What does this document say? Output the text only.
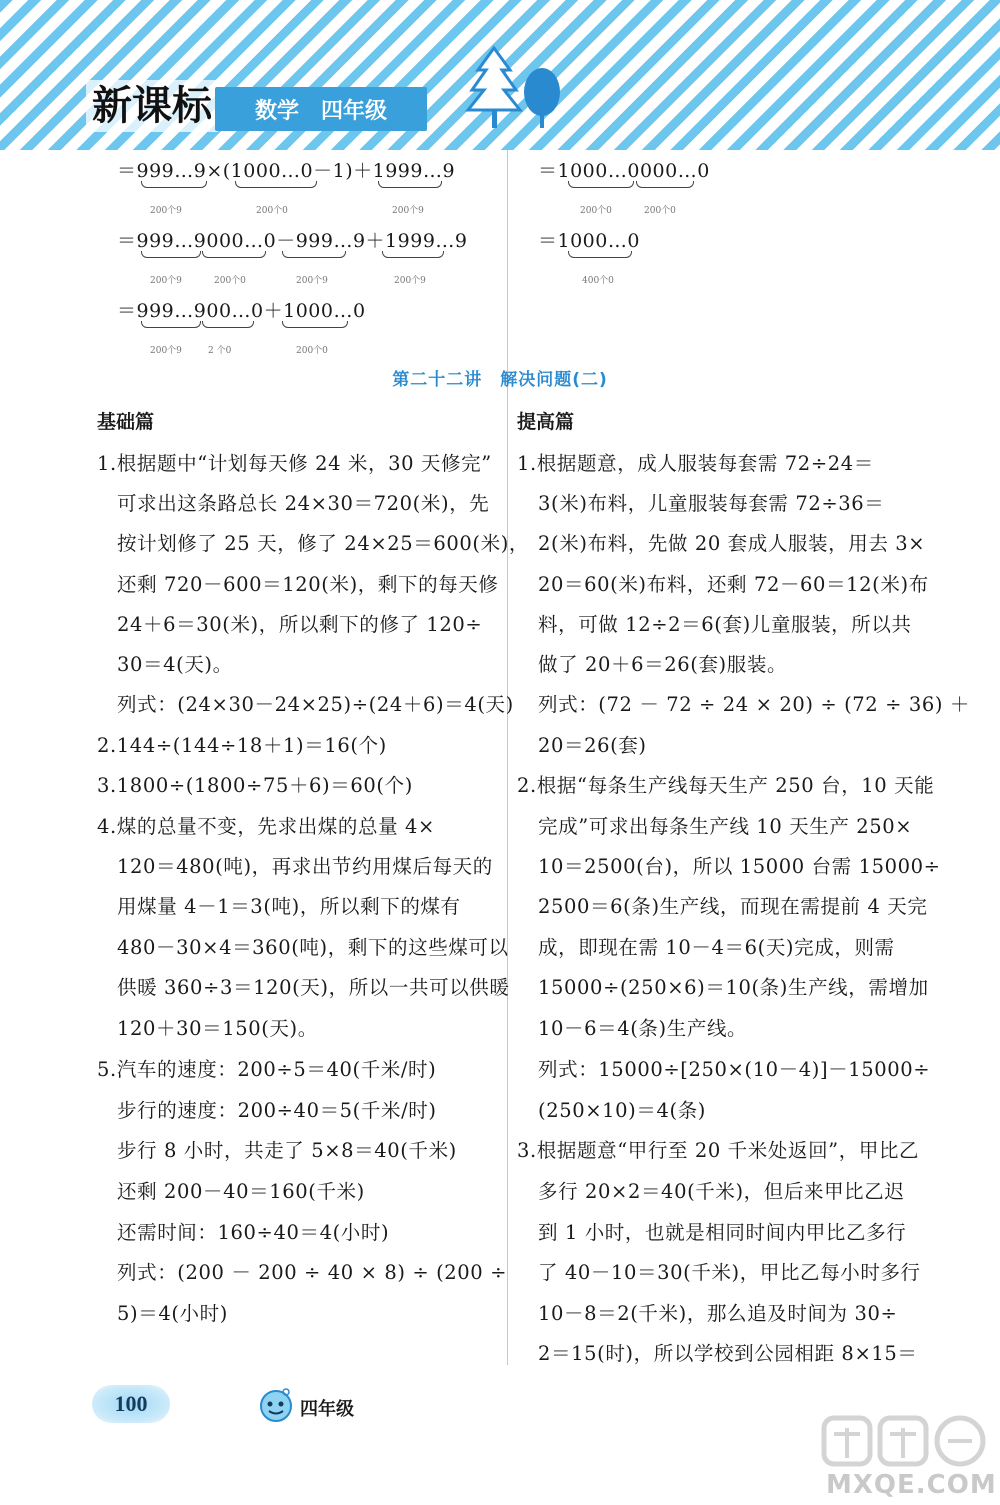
新课标 数学 四年级
＝999…9×(1000…0－1)＋1999…9
200个9	200个0	200个9
＝999…9000…0－999…9＋1999…9
200个9	200个0	200个9	200个9
＝999…900…0＋1000…0
200个9	2 个0	200个0
＝1000…0000…0
200个0	200个0
＝1000…0
400个0
第二十二讲　解决问题(二)
基础篇
1.根据题中“计划每天修 24 米，30 天修完”
可求出这条路总长 24×30＝720(米)，先
按计划修了 25 天，修了 24×25＝600(米)，
还剩 720－600＝120(米)，剩下的每天修
24＋6＝30(米)，所以剩下的修了 120÷
30＝4(天)。
列式：(24×30－24×25)÷(24＋6)＝4(天)
2.144÷(144÷18＋1)＝16(个)
3.1800÷(1800÷75＋6)＝60(个)
4.煤的总量不变，先求出煤的总量 4×
120＝480(吨)，再求出节约用煤后每天的
用煤量 4－1＝3(吨)，所以剩下的煤有
480－30×4＝360(吨)，剩下的这些煤可以
供暖 360÷3＝120(天)，所以一共可以供暖
120＋30＝150(天)。
5.汽车的速度：200÷5＝40(千米/时)
步行的速度：200÷40＝5(千米/时)
步行 8 小时，共走了 5×8＝40(千米)
还剩 200－40＝160(千米)
还需时间：160÷40＝4(小时)
列式：(200 － 200 ÷ 40 × 8) ÷ (200 ÷
5)＝4(小时)
提高篇
1.根据题意，成人服装每套需 72÷24＝
3(米)布料，儿童服装每套需 72÷36＝
2(米)布料，先做 20 套成人服装，用去 3×
20＝60(米)布料，还剩 72－60＝12(米)布
料，可做 12÷2＝6(套)儿童服装，所以共
做了 20＋6＝26(套)服装。
列式：(72 － 72 ÷ 24 × 20) ÷ (72 ÷ 36) ＋
20＝26(套)
2.根据“每条生产线每天生产 250 台，10 天能
完成”可求出每条生产线 10 天生产 250×
10＝2500(台)，所以 15000 台需 15000÷
2500＝6(条)生产线，而现在需提前 4 天完
成，即现在需 10－4＝6(天)完成，则需
15000÷(250×6)＝10(条)生产线，需增加
10－6＝4(条)生产线。
列式：15000÷[250×(10－4)]－15000÷
(250×10)＝4(条)
3.根据题意“甲行至 20 千米处返回”，甲比乙
多行 20×2＝40(千米)，但后来甲比乙迟
到 1 小时，也就是相同时间内甲比乙多行
了 40－10＝30(千米)，甲比乙每小时多行
10－8＝2(千米)，那么追及时间为 30÷
2＝15(时)，所以学校到公园相距 8×15＝
100	四年级
MXQE.COM
